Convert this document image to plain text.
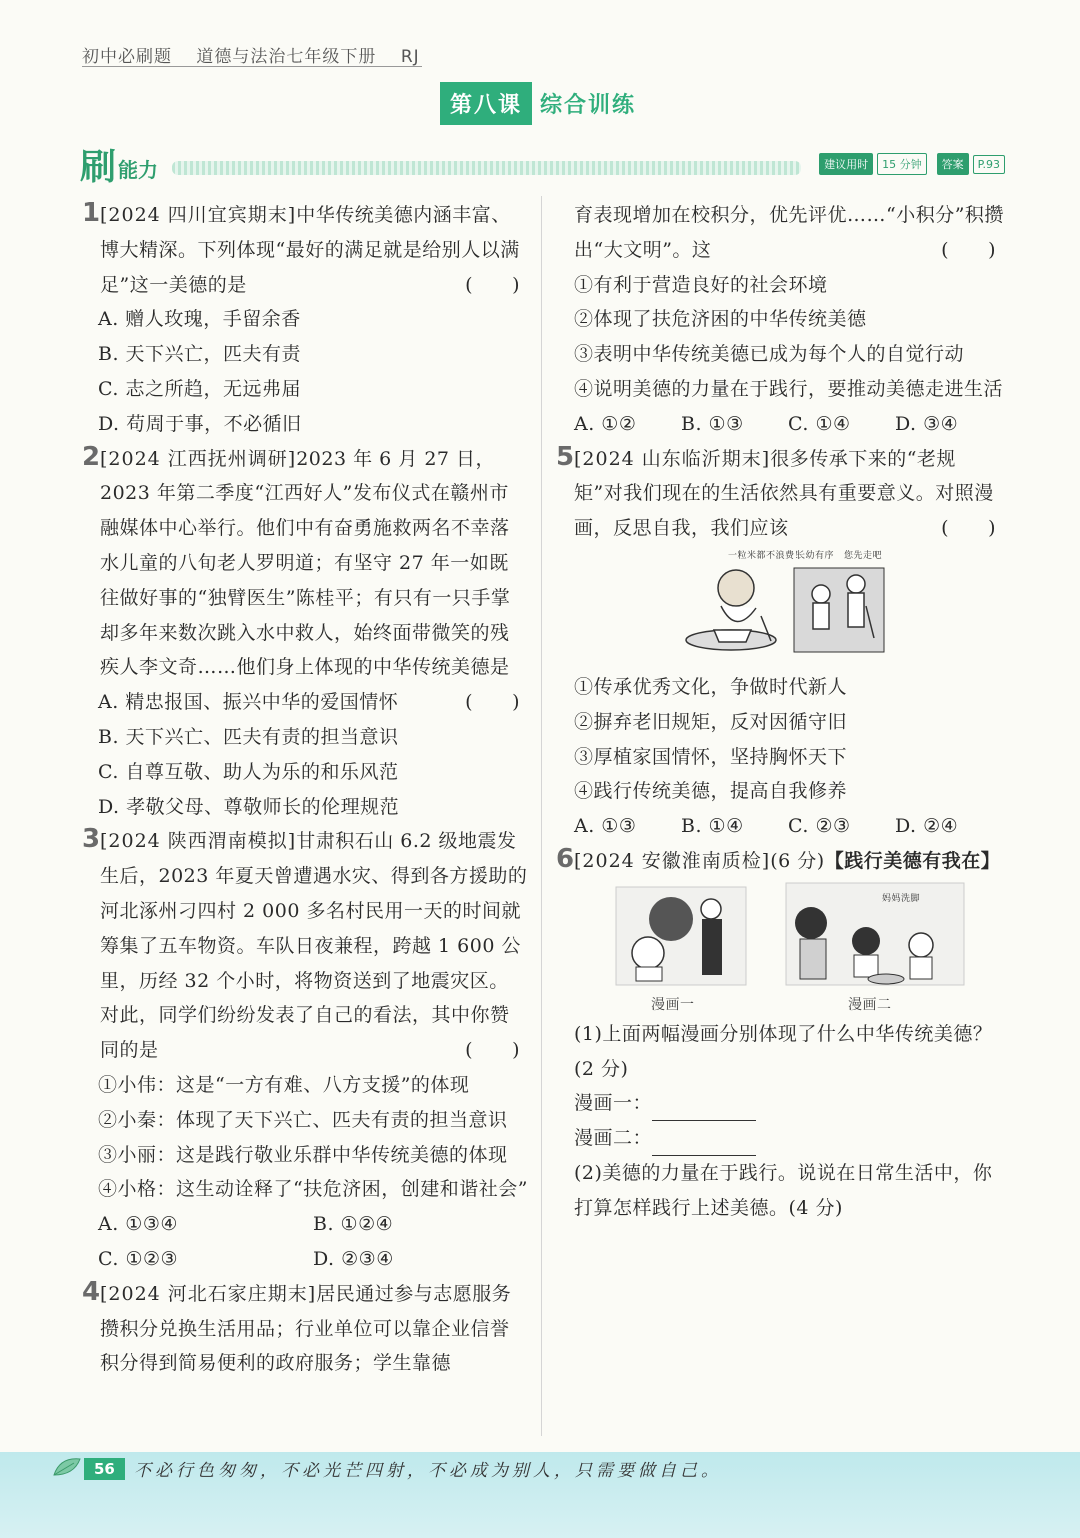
初中必刷题 道德与法治七年级下册 RJ
第八课 综合训练
刷 能力	建议用时	15 分钟	答案	P.93
1 [2024 四川宜宾期末]中华传统美德内涵丰富、博大精深。下列体现“最好的满足就是给别人以满足”这一美德的是	(　　)
A. 赠人玫瑰，手留余香
B. 天下兴亡，匹夫有责
C. 志之所趋，无远弗届
D. 苟周于事，不必循旧
2 [2024 江西抚州调研]2023 年 6 月 27 日，2023 年第二季度“江西好人”发布仪式在赣州市融媒体中心举行。他们中有奋勇施救两名不幸落水儿童的八旬老人罗明道；有坚守 27 年一如既往做好事的“独臂医生”陈桂平；有只有一只手掌却多年来数次跳入水中救人，始终面带微笑的残疾人李文奇……他们身上体现的中华传统美德是
(　　)
A. 精忠报国、振兴中华的爱国情怀
B. 天下兴亡、匹夫有责的担当意识
C. 自尊互敬、助人为乐的和乐风范
D. 孝敬父母、尊敬师长的伦理规范
3 [2024 陕西渭南模拟]甘肃积石山 6.2 级地震发生后，2023 年夏天曾遭遇水灾、得到各方援助的河北涿州刁四村 2 000 多名村民用一天的时间就筹集了五车物资。车队日夜兼程，跨越 1 600 公里，历经 32 个小时，将物资送到了地震灾区。对此，同学们纷纷发表了自己的看法，其中你赞同的是	(　　)
①小伟：这是“一方有难、八方支援”的体现
②小秦：体现了天下兴亡、匹夫有责的担当意识
③小丽：这是践行敬业乐群中华传统美德的体现
④小格：这生动诠释了“扶危济困，创建和谐社会”
A. ①③④	B. ①②④
C. ①②③	D. ②③④
4 [2024 河北石家庄期末]居民通过参与志愿服务攒积分兑换生活用品；行业单位可以靠企业信誉积分得到简易便利的政府服务；学生靠德
育表现增加在校积分，优先评优……“小积分”积攒出“大文明”。这	(　　)
①有利于营造良好的社会环境
②体现了扶危济困的中华传统美德
③表明中华传统美德已成为每个人的自觉行动
④说明美德的力量在于践行，要推动美德走进生活
A. ①②	B. ①③	C. ①④	D. ③④
5 [2024 山东临沂期末]很多传承下来的“老规矩”对我们现在的生活依然具有重要意义。对照漫画，反思自我，我们应该	(　　)
一粒米都不浪费！
长幼有序 您先走吧
①传承优秀文化，争做时代新人
②摒弃老旧规矩，反对因循守旧
③厚植家国情怀，坚持胸怀天下
④践行传统美德，提高自我修养
A. ①③	B. ①④	C. ②③	D. ②④
6 [2024 安徽淮南质检](6 分)【践行美德有我在】
漫画一
妈妈洗脚
漫画二
(1)上面两幅漫画分别体现了什么中华传统美德？(2 分)
漫画一：
漫画二：
(2)美德的力量在于践行。说说在日常生活中，你打算怎样践行上述美德。(4 分)
56	不必行色匆匆，不必光芒四射，不必成为别人，只需要做自己。
